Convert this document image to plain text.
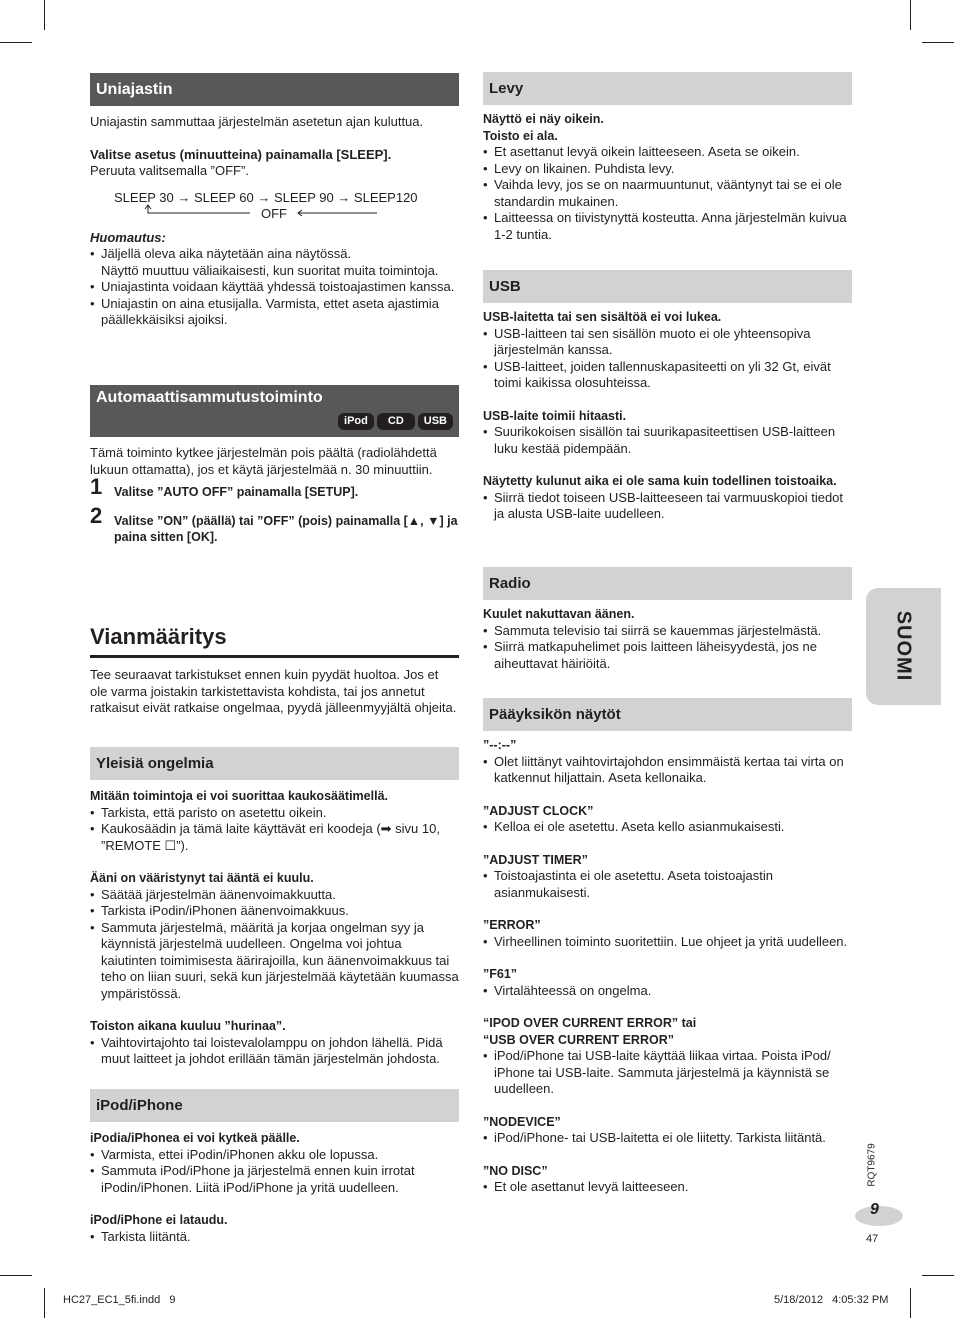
Uniajastin

Uniajastin sammuttaa järjestelmän asetetun ajan kuluttua.

Valitse asetus (minuutteina) painamalla [SLEEP].

Peruuta valitsemalla ”OFF”.

SLEEP 30 → SLEEP 60 → SLEEP 90 → SLEEP120
OFF

Huomautus:

• Jäljellä oleva aika näytetään aina näytössä.
Näyttö muuttuu väliaikaisesti, kun suoritat muita toimintoja.
• Uniajastinta voidaan käyttää yhdessä toistoajastimen kanssa.
• Uniajastin on aina etusijalla. Varmista, ettet aseta ajastimia päällekkäisiksi ajoiksi.
Automaattisammutustoiminto
iPod CD USB

Tämä toiminto kytkee järjestelmän pois päältä (radiolähdettä lukuun ottamatta), jos et käytä järjestelmää n. 30 minuuttiin.

1 Valitse ”AUTO OFF” painamalla [SETUP].
2 Valitse ”ON” (päällä) tai ”OFF” (pois) painamalla [▲, ▼] ja paina sitten [OK].
Vianmääritys

Tee seuraavat tarkistukset ennen kuin pyydät huoltoa. Jos et ole varma joistakin tarkistettavista kohdista, tai jos annetut ratkaisut eivät ratkaise ongelmaa, pyydä jälleenmyyjältä ohjeita.

Yleisiä ongelmia

Mitään toimintoja ei voi suorittaa kaukosäätimellä.

• Tarkista, että paristo on asetettu oikein.
• Kaukosäädin ja tämä laite käyttävät eri koodeja (➡ sivu 10, ”REMOTE ☐”).

Ääni on vääristynyt tai ääntä ei kuulu.

• Säätää järjestelmän äänenvoimakkuutta.
• Tarkista iPodin/iPhonen äänenvoimakkuus.
• Sammuta järjestelmä, määritä ja korjaa ongelman syy ja käynnistä järjestelmä uudelleen. Ongelma voi johtua kaiutinten toimimisesta äärirajoilla, kun äänenvoimakkuus tai teho on liian suuri, sekä kun järjestelmää käytetään kuumassa ympäristössä.

Toiston aikana kuuluu ”hurinaa”.

• Vaihtovirtajohto tai loistevalolamppu on johdon lähellä. Pidä muut laitteet ja johdot erillään tämän järjestelmän johdosta.
iPod/iPhone

iPodia/iPhonea ei voi kytkeä päälle.

• Varmista, ettei iPodin/iPhonen akku ole lopussa.
• Sammuta iPod/iPhone ja järjestelmä ennen kuin irrotat iPodin/iPhonen. Liitä iPod/iPhone ja yritä uudelleen.

iPod/iPhone ei lataudu.

• Tarkista liitäntä.
Levy

Näyttö ei näy oikein.

Toisto ei ala.

• Et asettanut levyä oikein laitteeseen. Aseta se oikein.
• Levy on likainen. Puhdista levy.
• Vaihda levy, jos se on naarmuuntunut, vääntynyt tai se ei ole standardin mukainen.
• Laitteessa on tiivistynyttä kosteutta. Anna järjestelmän kuivua 1-2 tuntia.
USB

USB-laitetta tai sen sisältöä ei voi lukea.

• USB-laitteen tai sen sisällön muoto ei ole yhteensopiva järjestelmän kanssa.
• USB-laitteet, joiden tallennuskapasiteetti on yli 32 Gt, eivät toimi kaikissa olosuhteissa.

USB-laite toimii hitaasti.

• Suurikokoisen sisällön tai suurikapasiteettisen USB-laitteen luku kestää pidempään.

Näytetty kulunut aika ei ole sama kuin todellinen toistoaika.

• Siirrä tiedot toiseen USB-laitteeseen tai varmuuskopioi tiedot ja alusta USB-laite uudelleen.
Radio

Kuulet nakuttavan äänen.

• Sammuta televisio tai siirrä se kauemmas järjestelmästä.
• Siirrä matkapuhelimet pois laitteen läheisyydestä, jos ne aiheuttavat häiriöitä.
Pääyksikön näytöt

”--:--”

• Olet liittänyt vaihtovirtajohdon ensimmäistä kertaa tai virta on katkennut hiljattain. Aseta kellonaika.

”ADJUST CLOCK”

• Kelloa ei ole asetettu. Aseta kello asianmukaisesti.

”ADJUST TIMER”

• Toistoajastinta ei ole asetettu. Aseta toistoajastin asianmukaisesti.

”ERROR”

• Virheellinen toiminto suoritettiin. Lue ohjeet ja yritä uudelleen.

”F61”

• Virtalähteessä on ongelma.

“IPOD OVER CURRENT ERROR” tai
“USB OVER CURRENT ERROR”

• iPod/iPhone tai USB-laite käyttää liikaa virtaa. Poista iPod/ iPhone tai USB-laite. Sammuta järjestelmä ja käynnistä se uudelleen.

”NODEVICE”

• iPod/iPhone- tai USB-laitetta ei ole liitetty. Tarkista liitäntä.

”NO DISC”

• Et ole asettanut levyä laitteeseen.
SUOMI
RQT9679
9
47
HC27_EC1_5fi.indd   9	5/18/2012   4:05:32 PM
